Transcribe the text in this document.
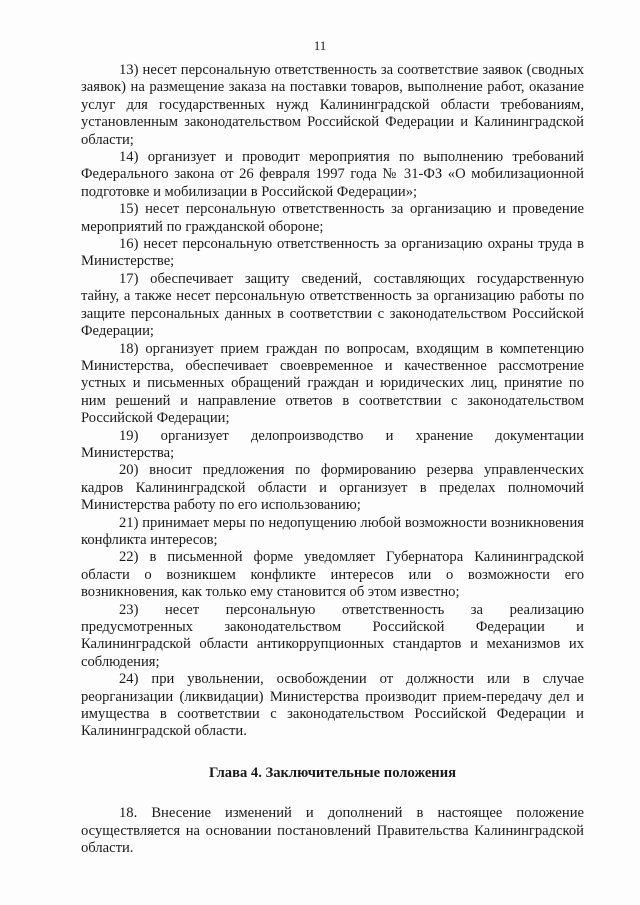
11

13) несет персональную ответственность за соответствие заявок (сводных заявок) на размещение заказа на поставки товаров, выполнение работ, оказание услуг для государственных нужд Калининградской области требованиям, установленным законодательством Российской Федерации и Калининградской области;

14) организует и проводит мероприятия по выполнению требований Федерального закона от 26 февраля 1997 года № 31-ФЗ «О мобилизационной подготовке и мобилизации в Российской Федерации»;

15) несет персональную ответственность за организацию и проведение мероприятий по гражданской обороне;

16) несет персональную ответственность за организацию охраны труда в Министерстве;

17) обеспечивает защиту сведений, составляющих государственную тайну, а также несет персональную ответственность за организацию работы по защите персональных данных в соответствии с законодательством Российской Федерации;

18) организует прием граждан по вопросам, входящим в компетенцию Министерства, обеспечивает своевременное и качественное рассмотрение устных и письменных обращений граждан и юридических лиц, принятие по ним решений и направление ответов в соответствии с законодательством Российской Федерации;

19) организует делопроизводство и хранение документации Министерства;

20) вносит предложения по формированию резерва управленческих кадров Калининградской области и организует в пределах полномочий Министерства работу по его использованию;

21) принимает меры по недопущению любой возможности возникновения конфликта интересов;

22) в письменной форме уведомляет Губернатора Калининградской области о возникшем конфликте интересов или о возможности его возникновения, как только ему становится об этом известно;

23) несет персональную ответственность за реализацию предусмотренных законодательством Российской Федерации и Калининградской области антикоррупционных стандартов и механизмов их соблюдения;

24) при увольнении, освобождении от должности или в случае реорганизации (ликвидации) Министерства производит прием-передачу дел и имущества в соответствии с законодательством Российской Федерации и Калининградской области.

Глава 4. Заключительные положения

18. Внесение изменений и дополнений в настоящее положение осуществляется на основании постановлений Правительства Калининградской области.
